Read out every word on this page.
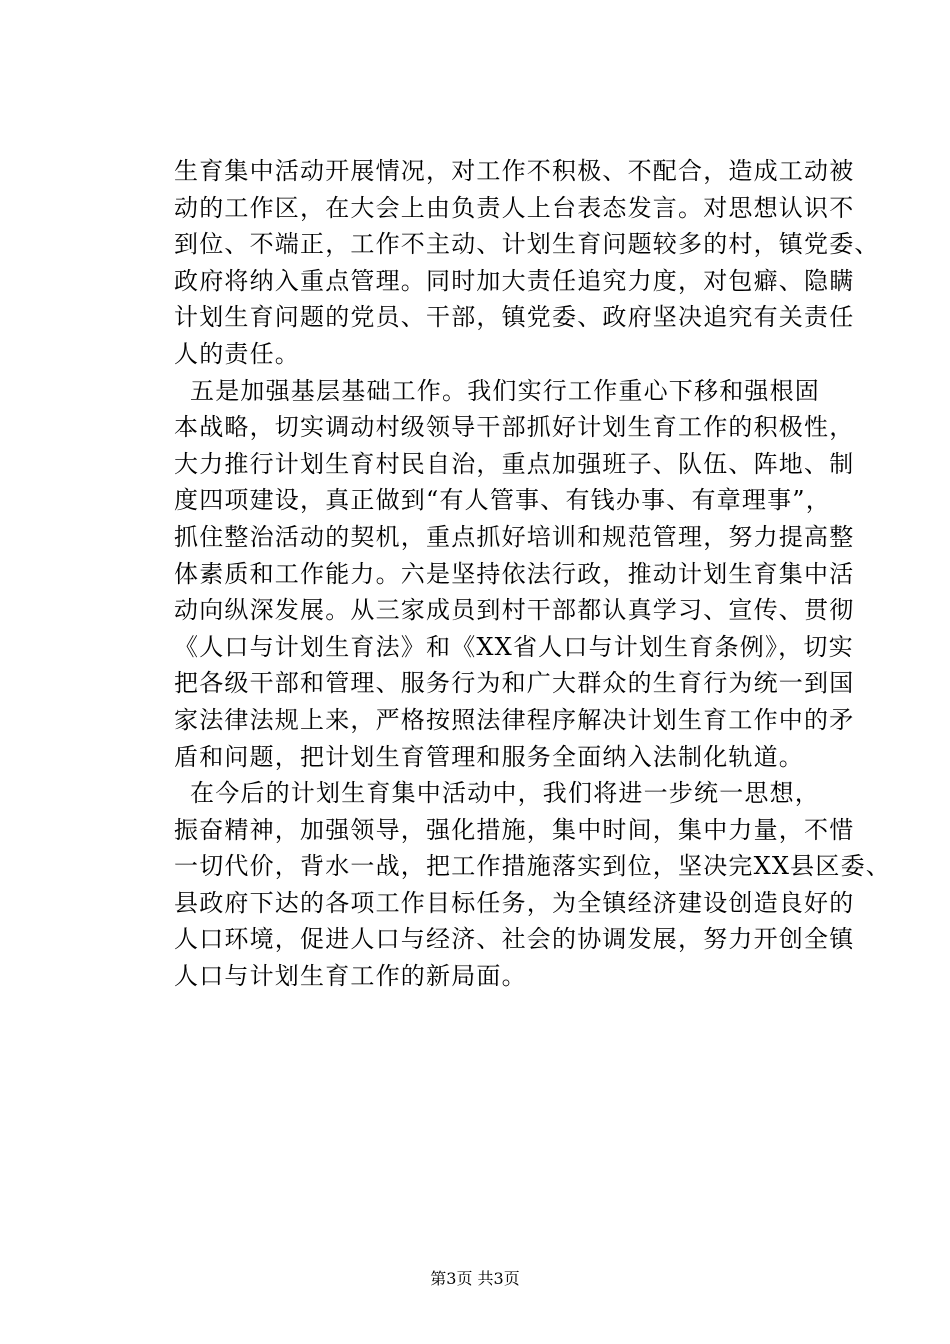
生育集中活动开展情况，对工作不积极、不配合，造成工动被
动的工作区，在大会上由负责人上台表态发言。对思想认识不
到位、不端正，工作不主动、计划生育问题较多的村，镇党委、
政府将纳入重点管理。同时加大责任追究力度，对包癖、隐瞒
计划生育问题的党员、干部，镇党委、政府坚决追究有关责任
人的责任。
五是加强基层基础工作。我们实行工作重心下移和强根固
本战略，切实调动村级领导干部抓好计划生育工作的积极性，
大力推行计划生育村民自治，重点加强班子、队伍、阵地、制
度四项建设，真正做到“有人管事、有钱办事、有章理事”，
抓住整治活动的契机，重点抓好培训和规范管理，努力提高整
体素质和工作能力。六是坚持依法行政，推动计划生育集中活
动向纵深发展。从三家成员到村干部都认真学习、宣传、贯彻
《人口与计划生育法》和《XX省人口与计划生育条例》，切实
把各级干部和管理、服务行为和广大群众的生育行为统一到国
家法律法规上来，严格按照法律程序解决计划生育工作中的矛
盾和问题，把计划生育管理和服务全面纳入法制化轨道。
在今后的计划生育集中活动中，我们将进一步统一思想，
振奋精神，加强领导，强化措施，集中时间，集中力量，不惜
一切代价，背水一战，把工作措施落实到位，坚决完XX县区委、
县政府下达的各项工作目标任务，为全镇经济建设创造良好的
人口环境，促进人口与经济、社会的协调发展，努力开创全镇
人口与计划生育工作的新局面。
第3页 共3页
